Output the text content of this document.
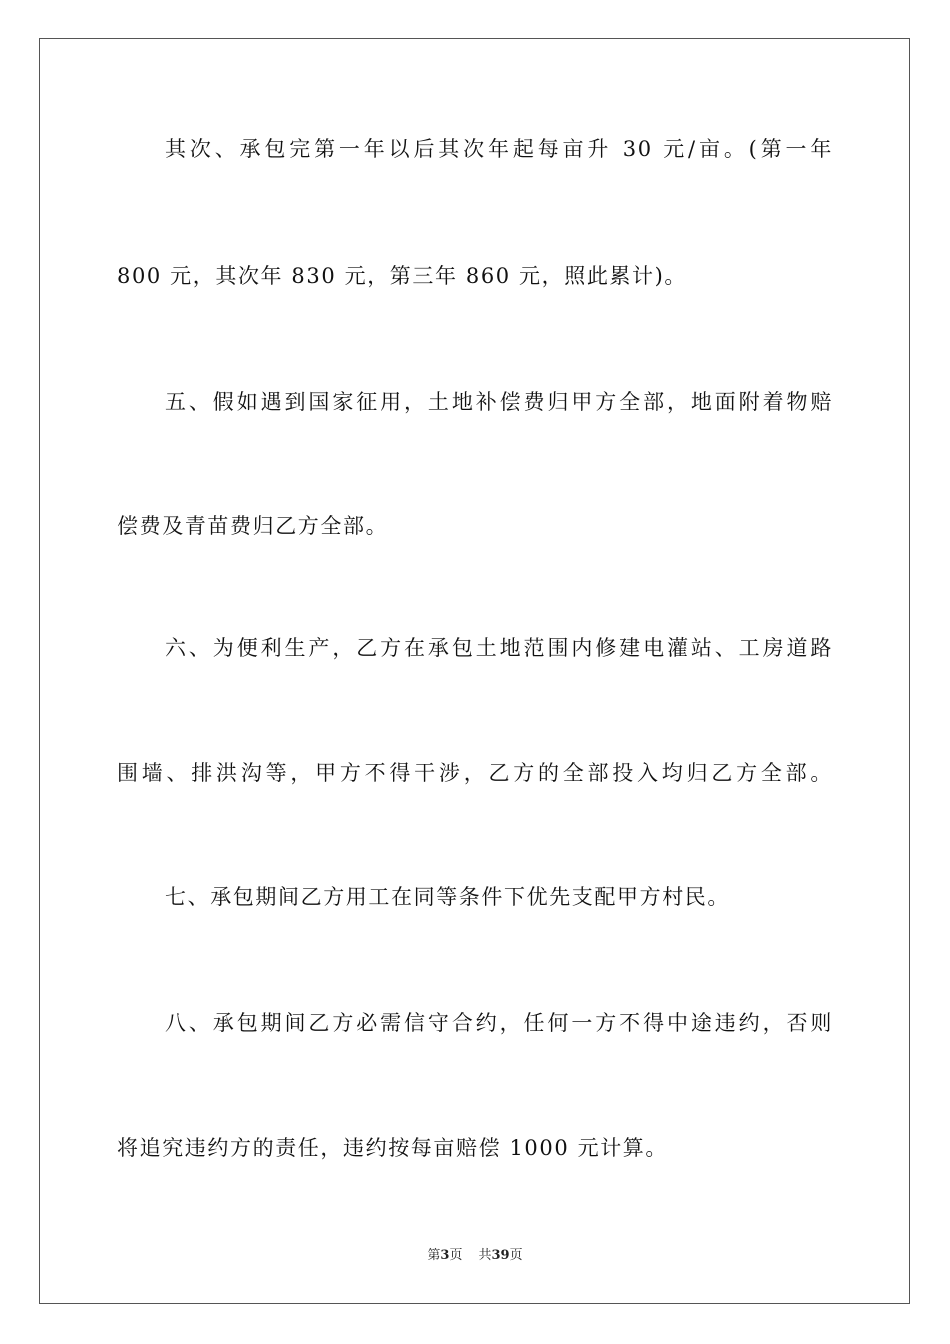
其次、承包完第一年以后其次年起每亩升 30 元/亩。(第一年
800 元，其次年 830 元，第三年 860 元，照此累计)。
五、假如遇到国家征用，土地补偿费归甲方全部，地面附着物赔
偿费及青苗费归乙方全部。
六、为便利生产，乙方在承包土地范围内修建电灌站、工房道路
围墙、排洪沟等，甲方不得干涉，乙方的全部投入均归乙方全部。
七、承包期间乙方用工在同等条件下优先支配甲方村民。
八、承包期间乙方必需信守合约，任何一方不得中途违约，否则
将追究违约方的责任，违约按每亩赔偿 1000 元计算。
第3页 共39页
